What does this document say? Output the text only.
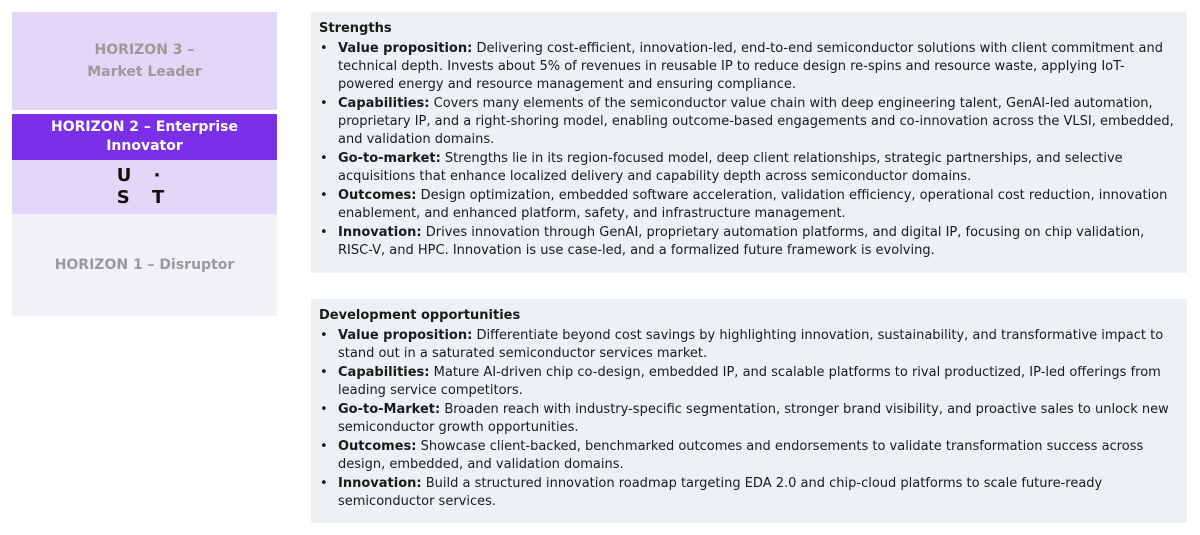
HORIZON 3 –
Market Leader
HORIZON 2 – Enterprise
Innovator
U ·
S T
HORIZON 1 – Disruptor
Strengths
• Value proposition: Delivering cost-efficient, innovation-led, end-to-end semiconductor solutions with client commitment and technical depth. Invests about 5% of revenues in reusable IP to reduce design re-spins and resource waste, applying IoT-powered energy and resource management and ensuring compliance.
• Capabilities: Covers many elements of the semiconductor value chain with deep engineering talent, GenAI-led automation, proprietary IP, and a right-shoring model, enabling outcome-based engagements and co-innovation across the VLSI, embedded, and validation domains.
• Go-to-market: Strengths lie in its region-focused model, deep client relationships, strategic partnerships, and selective acquisitions that enhance localized delivery and capability depth across semiconductor domains.
• Outcomes: Design optimization, embedded software acceleration, validation efficiency, operational cost reduction, innovation enablement, and enhanced platform, safety, and infrastructure management.
• Innovation: Drives innovation through GenAI, proprietary automation platforms, and digital IP, focusing on chip validation, RISC-V, and HPC. Innovation is use case-led, and a formalized future framework is evolving.
Development opportunities
• Value proposition: Differentiate beyond cost savings by highlighting innovation, sustainability, and transformative impact to stand out in a saturated semiconductor services market.
• Capabilities: Mature AI-driven chip co-design, embedded IP, and scalable platforms to rival productized, IP-led offerings from leading service competitors.
• Go-to-Market: Broaden reach with industry-specific segmentation, stronger brand visibility, and proactive sales to unlock new semiconductor growth opportunities.
• Outcomes: Showcase client-backed, benchmarked outcomes and endorsements to validate transformation success across design, embedded, and validation domains.
• Innovation: Build a structured innovation roadmap targeting EDA 2.0 and chip-cloud platforms to scale future-ready semiconductor services.
